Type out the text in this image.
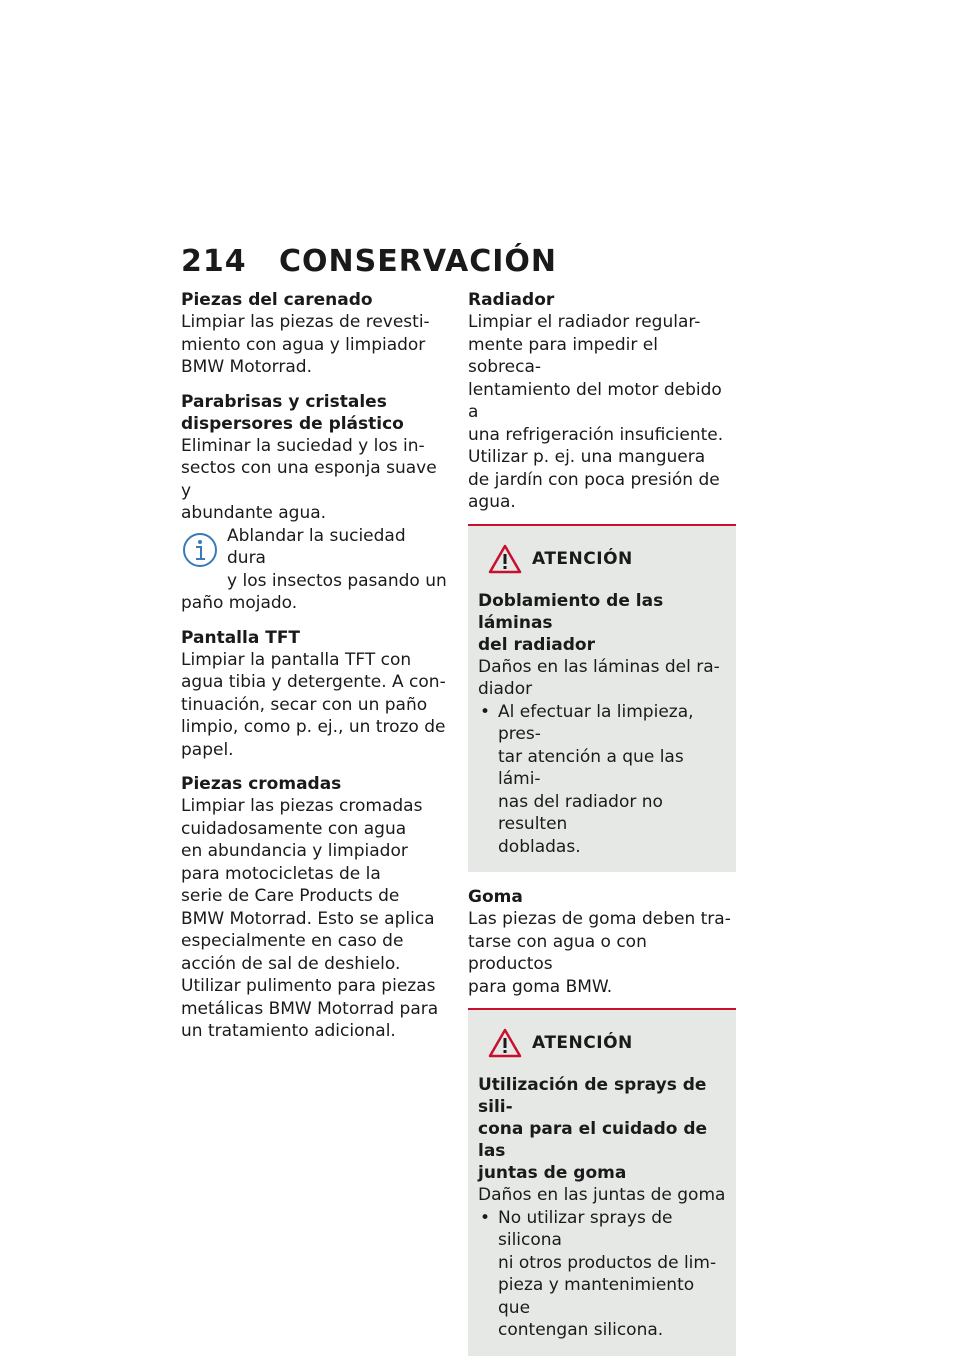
214 CONSERVACIÓN

Piezas del carenado

Limpiar las piezas de revesti-

miento con agua y limpiador

BMW Motorrad.

Parabrisas y cristales

dispersores de plástico

Eliminar la suciedad y los in-

sectos con una esponja suave y

abundante agua.

Ablandar la suciedad dura

y los insectos pasando un

paño mojado.

Pantalla TFT

Limpiar la pantalla TFT con

agua tibia y detergente. A con-

tinuación, secar con un paño

limpio, como p. ej., un trozo de

papel.

Piezas cromadas

Limpiar las piezas cromadas

cuidadosamente con agua

en abundancia y limpiador

para motocicletas de la

serie de Care Products de

BMW Motorrad. Esto se aplica

especialmente en caso de

acción de sal de deshielo.

Utilizar pulimento para piezas

metálicas BMW Motorrad para

un tratamiento adicional.

Radiador

Limpiar el radiador regular-

mente para impedir el sobreca-

lentamiento del motor debido a

una refrigeración insuficiente.

Utilizar p. ej. una manguera

de jardín con poca presión de

agua.

ATENCIÓN

Doblamiento de las láminas

del radiador

Daños en las láminas del ra-

diador

• Al efectuar la limpieza, pres-

tar atención a que las lámi-

nas del radiador no resulten

dobladas.

Goma

Las piezas de goma deben tra-

tarse con agua o con productos

para goma BMW.

ATENCIÓN

Utilización de sprays de sili-

cona para el cuidado de las

juntas de goma

Daños en las juntas de goma

• No utilizar sprays de silicona

ni otros productos de lim-

pieza y mantenimiento que

contengan silicona.
